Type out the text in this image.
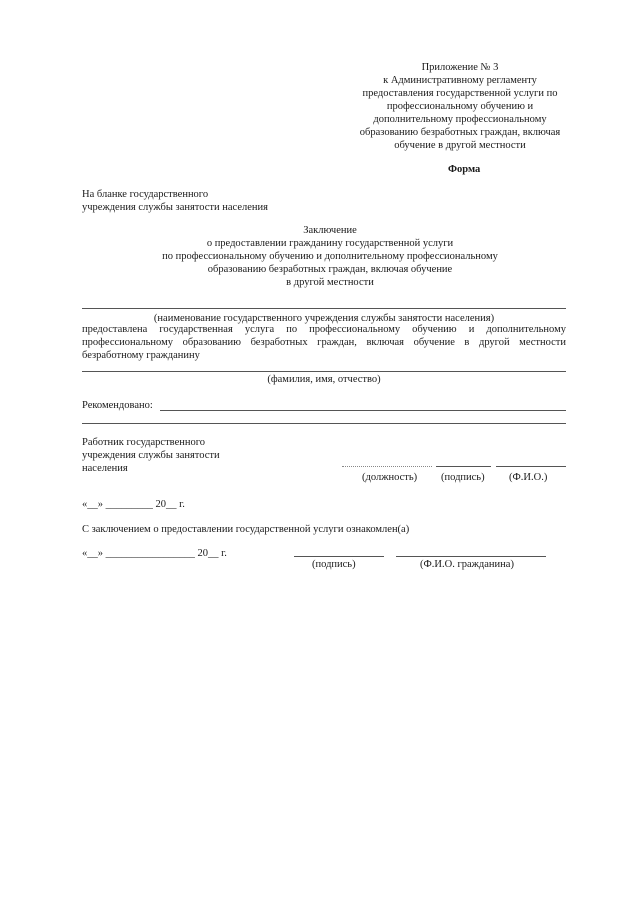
Приложение № 3
к Административному регламенту
предоставления государственной услуги по
профессиональному обучению и
дополнительному профессиональному
образованию безработных граждан, включая
обучение в другой местности
Форма
На бланке государственного
учреждения службы занятости населения
Заключение
о предоставлении гражданину государственной услуги
по профессиональному обучению и дополнительному профессиональному
образованию безработных граждан, включая обучение
в другой местности
(наименование государственного учреждения службы занятости населения)
предоставлена государственная услуга по профессиональному обучению и дополнительному
профессиональному образованию безработных граждан, включая обучение в другой местности
безработному гражданину
(фамилия, имя, отчество)
Рекомендовано:
Работник государственного
учреждения службы занятости
населения
(должность) (подпись) (Ф.И.О.)
«__» _________ 20__ г.
С заключением о предоставлении государственной услуги ознакомлен(а)
«__» _________________ 20__ г.
(подпись)	(Ф.И.О. гражданина)
